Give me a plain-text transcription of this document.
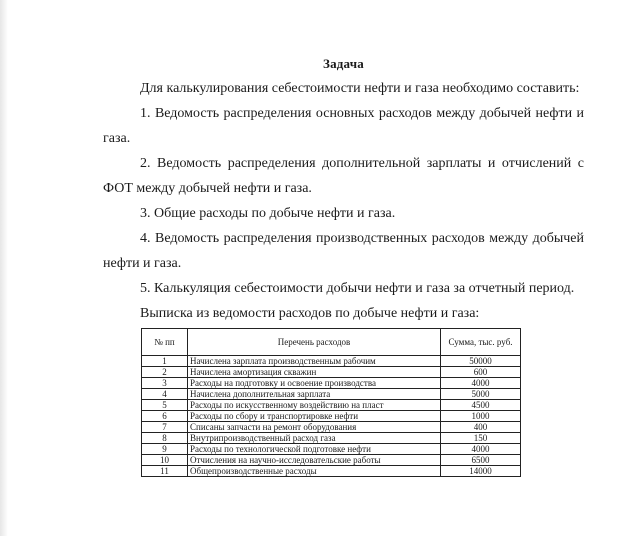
Задача

Для калькулирования себестоимости нефти и газа необходимо составить:

1. Ведомость распределения основных расходов между добычей нефти и газа.

2. Ведомость распределения дополнительной зарплаты и отчислений с ФОТ между добычей нефти и газа.

3. Общие расходы по добыче нефти и газа.

4. Ведомость распределения производственных расходов между добычей нефти и газа.

5. Калькуляция себестоимости добычи нефти и газа за отчетный период.

Выписка из ведомости расходов по добыче нефти и газа:

№ пп	Перечень расходов	Сумма, тыс. руб.
1	Начислена зарплата производственным рабочим	50000
2	Начислена амортизация скважин	600
3	Расходы на подготовку и освоение производства	4000
4	Начислена дополнительная зарплата	5000
5	Расходы по искусственному воздействию на пласт	4500
6	Расходы по сбору и транспортировке нефти	1000
7	Списаны запчасти на ремонт оборудования	400
8	Внутрипроизводственный расход газа	150
9	Расходы по технологической подготовке нефти	4000
10	Отчисления на научно-исследовательские работы	6500
11	Общепроизводственные расходы	14000
